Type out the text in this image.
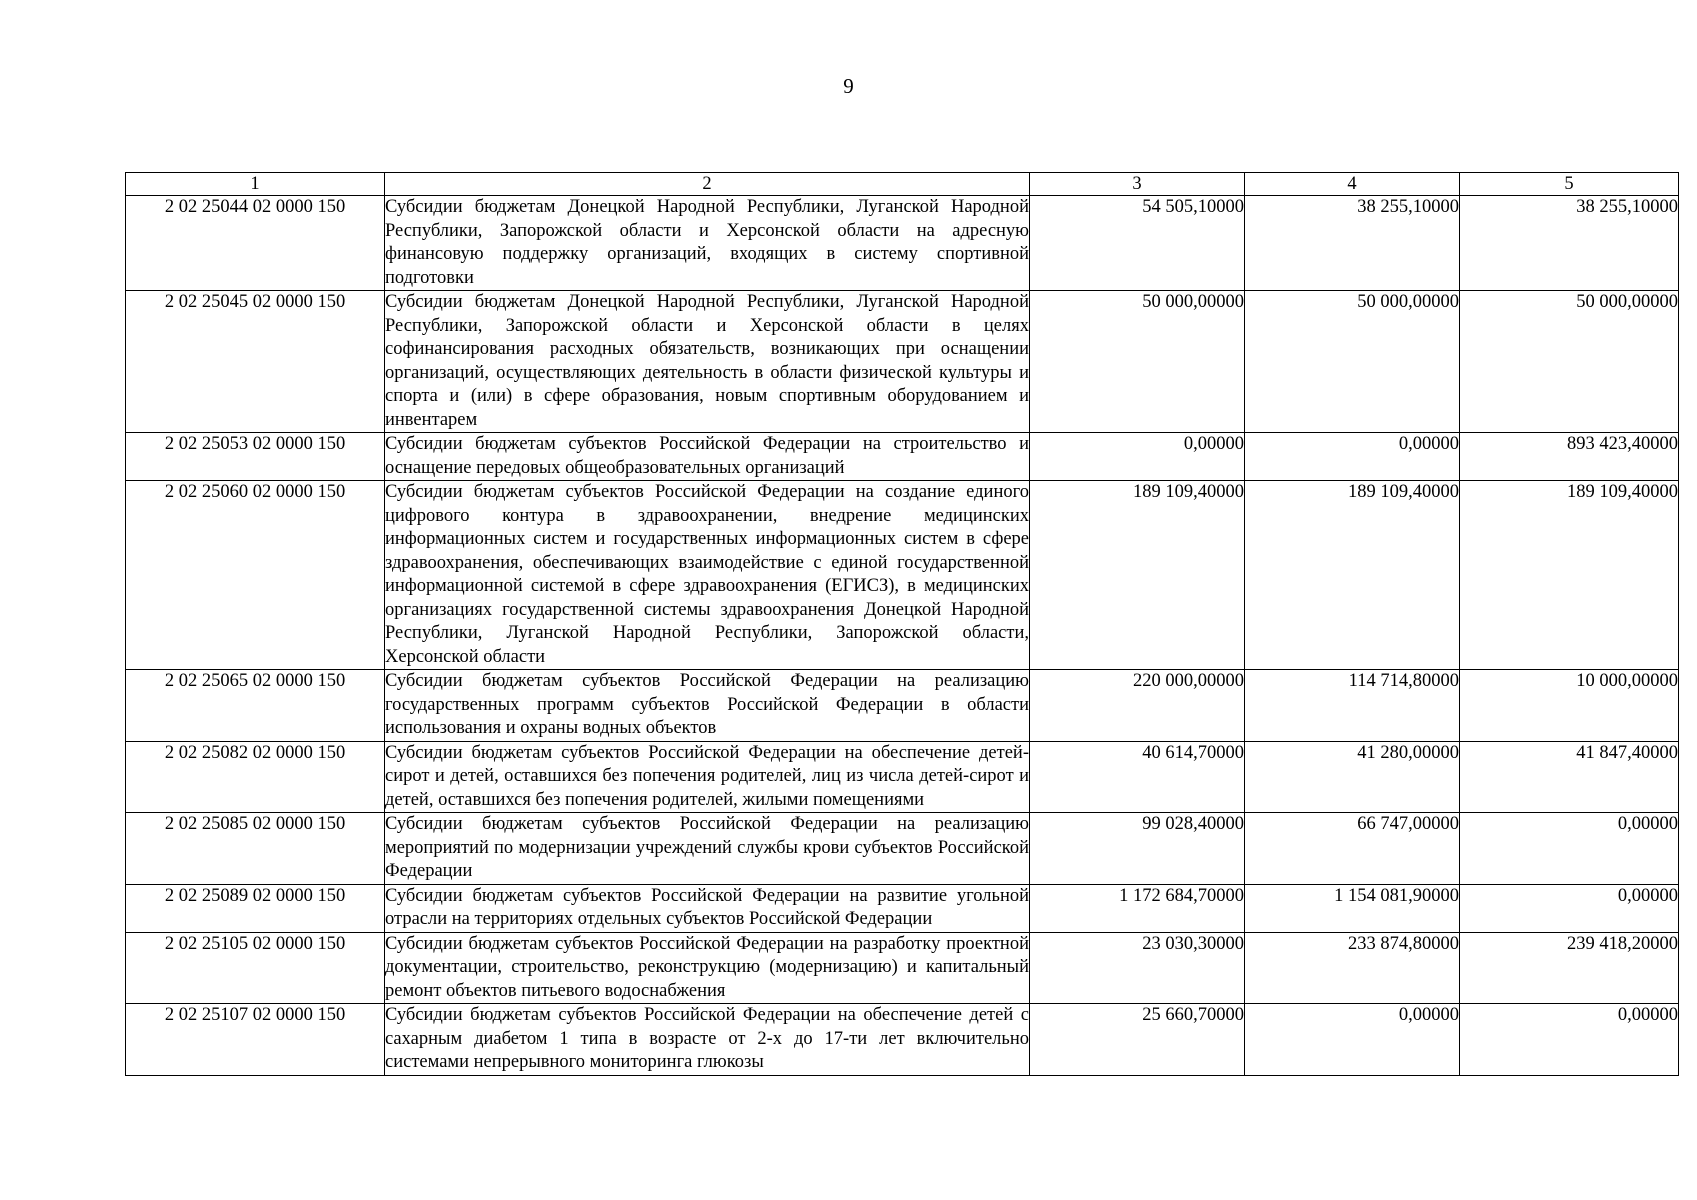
9
1	2	3	4	5
2 02 25044 02 0000 150	Субсидии бюджетам Донецкой Народной Республики, Луганской Народной Республики, Запорожской области и Херсонской области на адресную финансовую поддержку организаций, входящих в систему спортивной подготовки	54 505,10000	38 255,10000	38 255,10000
2 02 25045 02 0000 150	Субсидии бюджетам Донецкой Народной Республики, Луганской Народной Республики, Запорожской области и Херсонской области в целях софинансирования расходных обязательств, возникающих при оснащении организаций, осуществляющих деятельность в области физической культуры и спорта и (или) в сфере образования, новым спортивным оборудованием и инвентарем	50 000,00000	50 000,00000	50 000,00000
2 02 25053 02 0000 150	Субсидии бюджетам субъектов Российской Федерации на строительство и оснащение передовых общеобразовательных организаций	0,00000	0,00000	893 423,40000
2 02 25060 02 0000 150	Субсидии бюджетам субъектов Российской Федерации на создание единого цифрового контура в здравоохранении, внедрение медицинских информационных систем и государственных информационных систем в сфере здравоохранения, обеспечивающих взаимодействие с единой государственной информационной системой в сфере здравоохранения (ЕГИСЗ), в медицинских организациях государственной системы здравоохранения Донецкой Народной Республики, Луганской Народной Республики, Запорожской области, Херсонской области	189 109,40000	189 109,40000	189 109,40000
2 02 25065 02 0000 150	Субсидии бюджетам субъектов Российской Федерации на реализацию государственных программ субъектов Российской Федерации в области использования и охраны водных объектов	220 000,00000	114 714,80000	10 000,00000
2 02 25082 02 0000 150	Субсидии бюджетам субъектов Российской Федерации на обеспечение детей-сирот и детей, оставшихся без попечения родителей, лиц из числа детей-сирот и детей, оставшихся без попечения родителей, жилыми помещениями	40 614,70000	41 280,00000	41 847,40000
2 02 25085 02 0000 150	Субсидии бюджетам субъектов Российской Федерации на реализацию мероприятий по модернизации учреждений службы крови субъектов Российской Федерации	99 028,40000	66 747,00000	0,00000
2 02 25089 02 0000 150	Субсидии бюджетам субъектов Российской Федерации на развитие угольной отрасли на территориях отдельных субъектов Российской Федерации	1 172 684,70000	1 154 081,90000	0,00000
2 02 25105 02 0000 150	Субсидии бюджетам субъектов Российской Федерации на разработку проектной документации, строительство, реконструкцию (модернизацию) и капитальный ремонт объектов питьевого водоснабжения	23 030,30000	233 874,80000	239 418,20000
2 02 25107 02 0000 150	Субсидии бюджетам субъектов Российской Федерации на обеспечение детей с сахарным диабетом 1 типа в возрасте от 2-х до 17-ти лет включительно системами непрерывного мониторинга глюкозы	25 660,70000	0,00000	0,00000
